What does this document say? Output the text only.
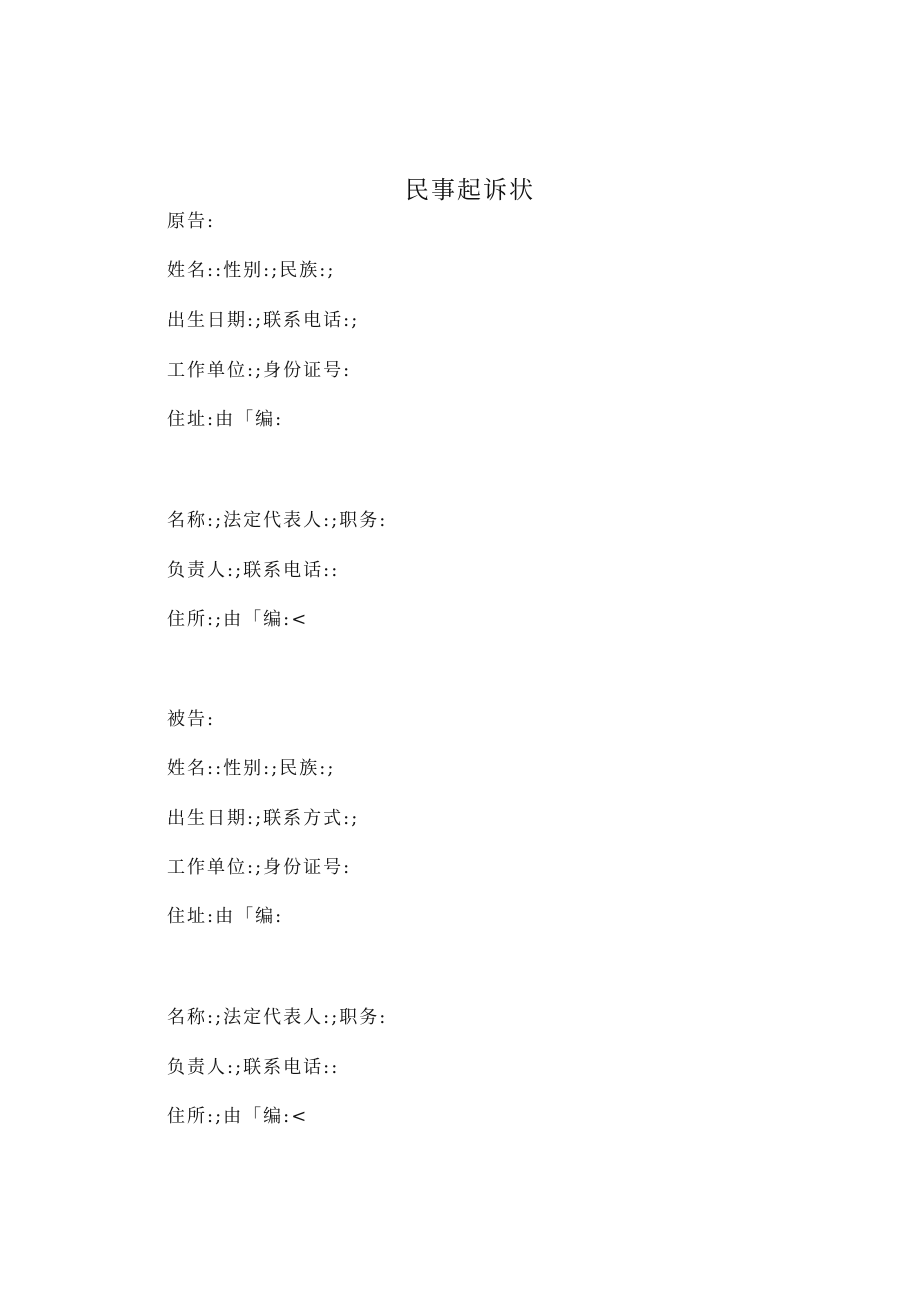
民事起诉状
原告:
姓名::性别:;民族:;
出生日期:;联系电话:;
工作单位:;身份证号:
住址:由「编:
名称:;法定代表人:;职务:
负责人:;联系电话::
住所:;由「编:<
被告:
姓名::性别:;民族:;
出生日期:;联系方式:;
工作单位:;身份证号:
住址:由「编:
名称:;法定代表人:;职务:
负责人:;联系电话::
住所:;由「编:<
